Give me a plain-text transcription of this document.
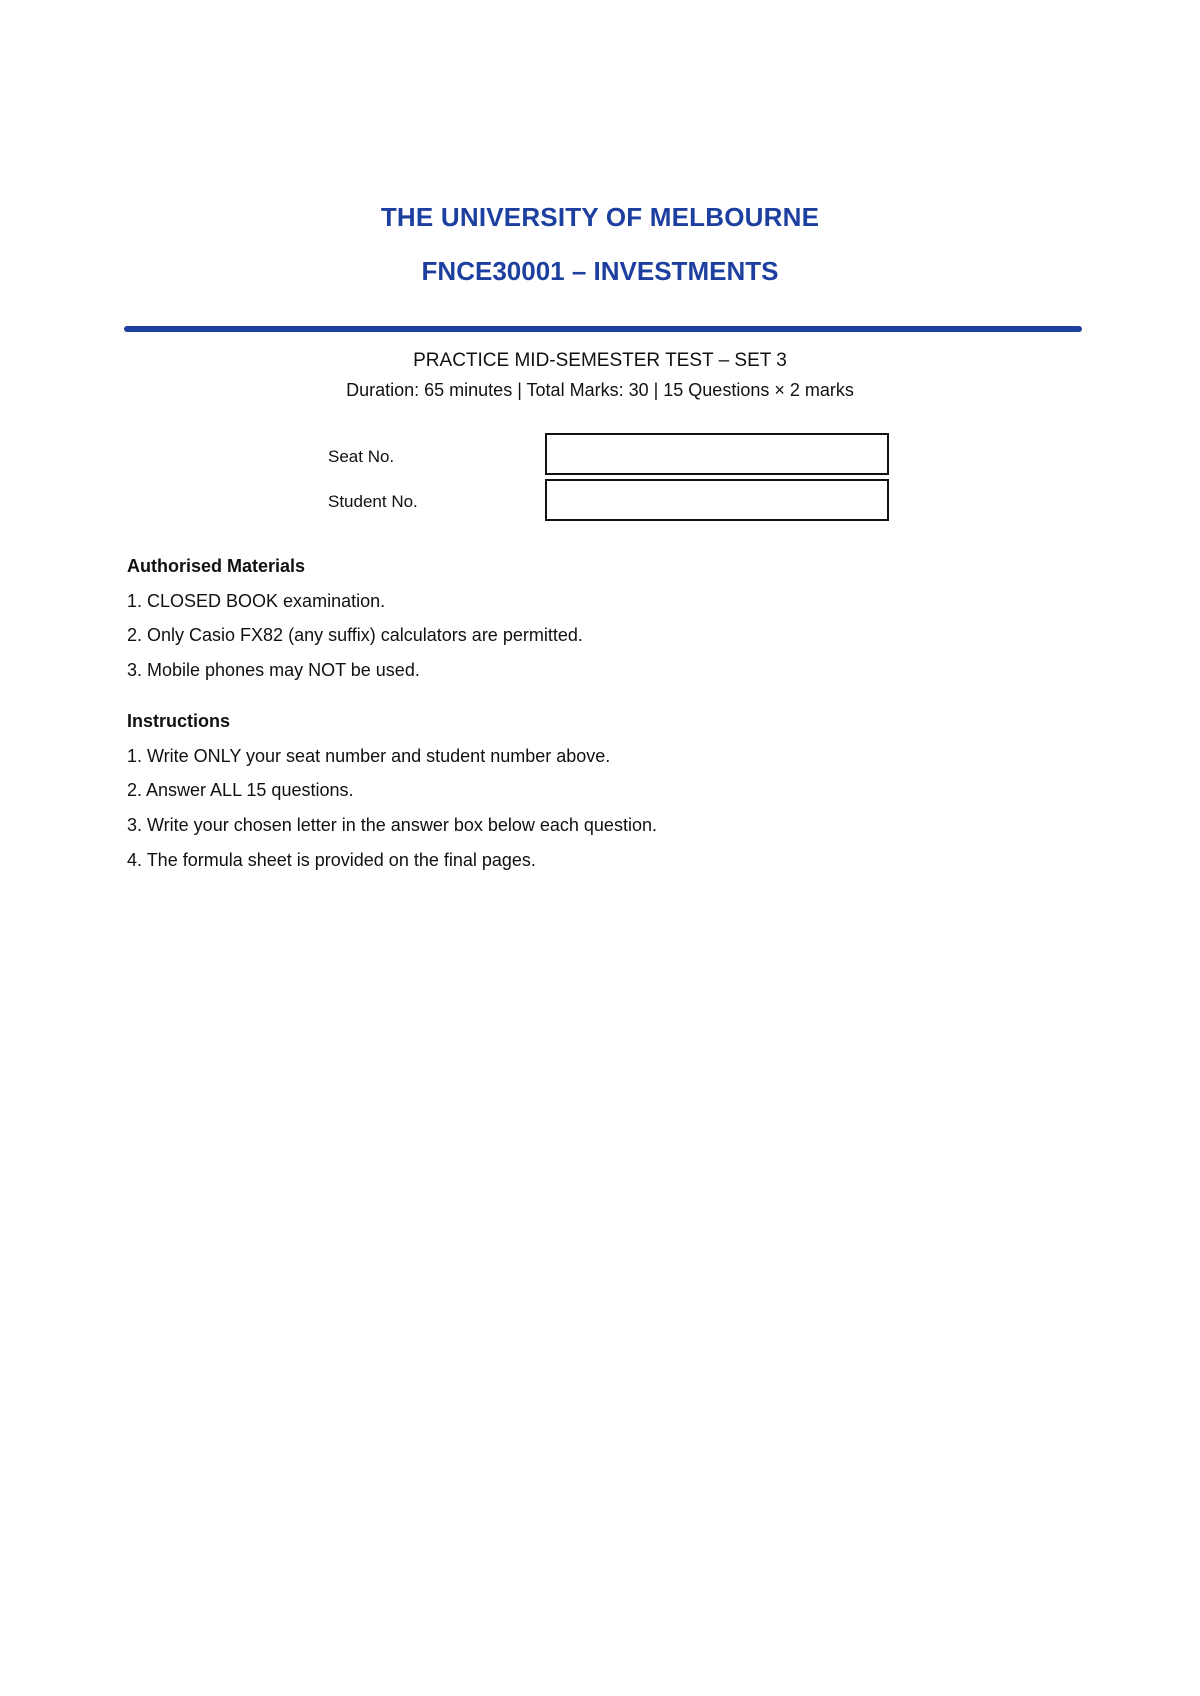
THE UNIVERSITY OF MELBOURNE
FNCE30001 – INVESTMENTS
PRACTICE MID-SEMESTER TEST – SET 3
Duration: 65 minutes | Total Marks: 30 | 15 Questions × 2 marks
Seat No.
Student No.
Authorised Materials
1. CLOSED BOOK examination.
2. Only Casio FX82 (any suffix) calculators are permitted.
3. Mobile phones may NOT be used.
Instructions
1. Write ONLY your seat number and student number above.
2. Answer ALL 15 questions.
3. Write your chosen letter in the answer box below each question.
4. The formula sheet is provided on the final pages.
